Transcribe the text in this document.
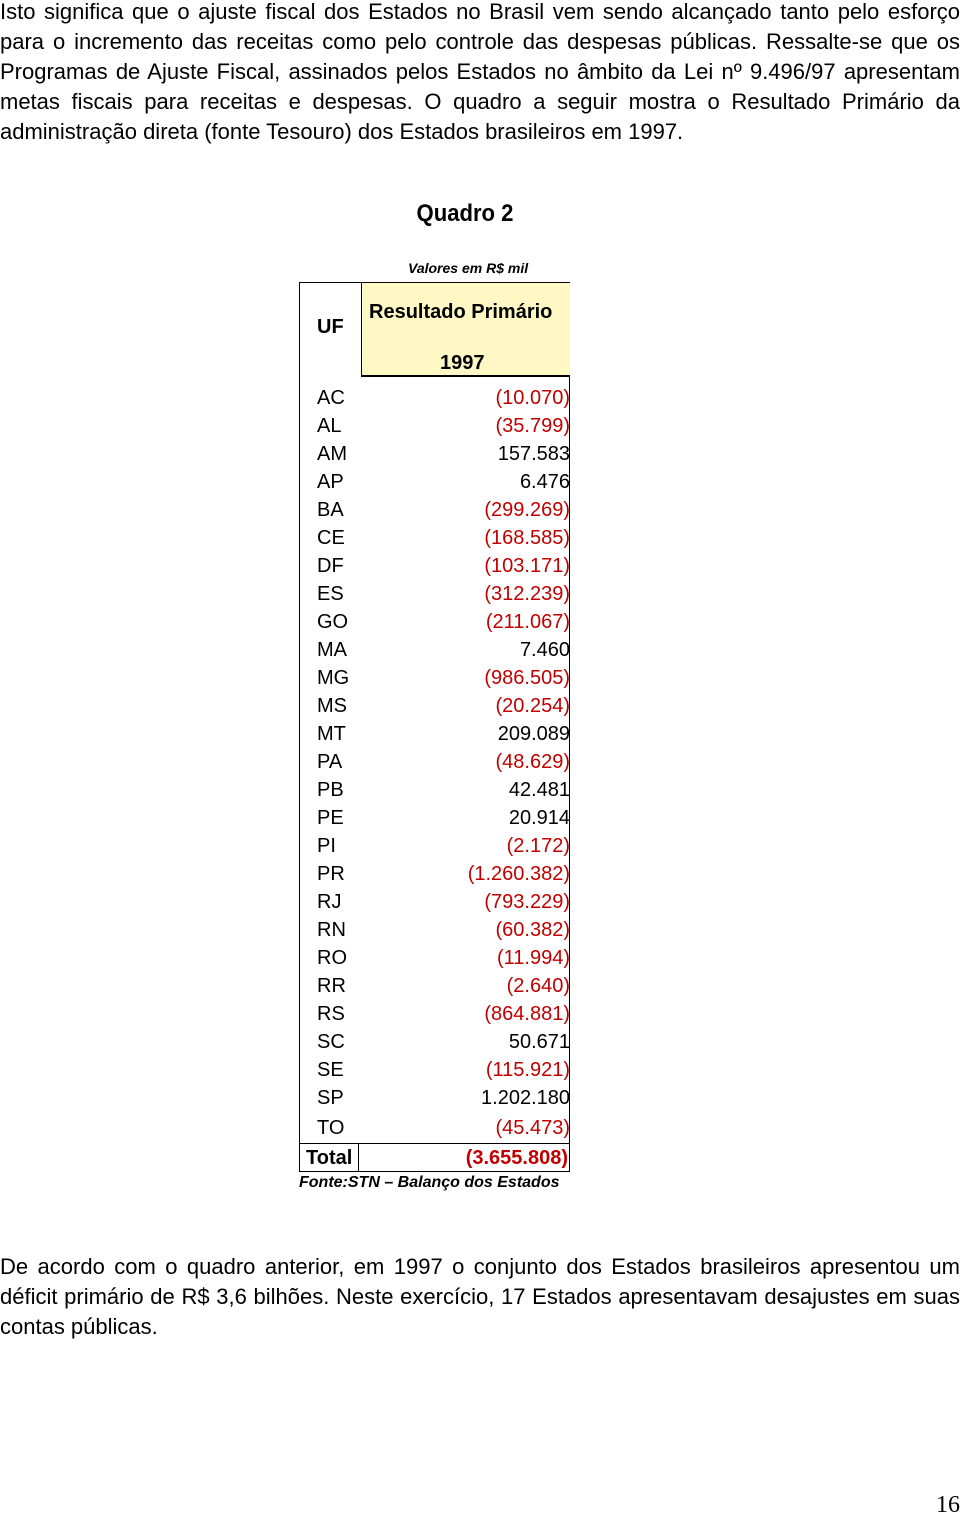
Isto significa que o ajuste fiscal dos Estados no Brasil vem sendo alcançado tanto pelo esforço para o incremento das receitas como pelo controle das despesas públicas. Ressalte-se que os Programas de Ajuste Fiscal, assinados pelos Estados no âmbito da Lei nº 9.496/97 apresentam metas fiscais para receitas e despesas. O quadro a seguir mostra o Resultado Primário da administração direta (fonte Tesouro) dos Estados brasileiros em 1997.

Quadro 2
Valores em R$ mil
UF
Resultado Primário
1997
AC	(10.070)
AL	(35.799)
AM	157.583
AP	6.476
BA	(299.269)
CE	(168.585)
DF	(103.171)
ES	(312.239)
GO	(211.067)
MA	7.460
MG	(986.505)
MS	(20.254)
MT	209.089
PA	(48.629)
PB	42.481
PE	20.914
PI	(2.172)
PR	(1.260.382)
RJ	(793.229)
RN	(60.382)
RO	(11.994)
RR	(2.640)
RS	(864.881)
SC	50.671
SE	(115.921)
SP	1.202.180
TO	(45.473)
Total	(3.655.808)
Fonte:STN – Balanço dos Estados

De acordo com o quadro anterior, em 1997 o conjunto dos Estados brasileiros apresentou um déficit primário de R$ 3,6 bilhões. Neste exercício, 17 Estados apresentavam desajustes em suas contas públicas.

16
